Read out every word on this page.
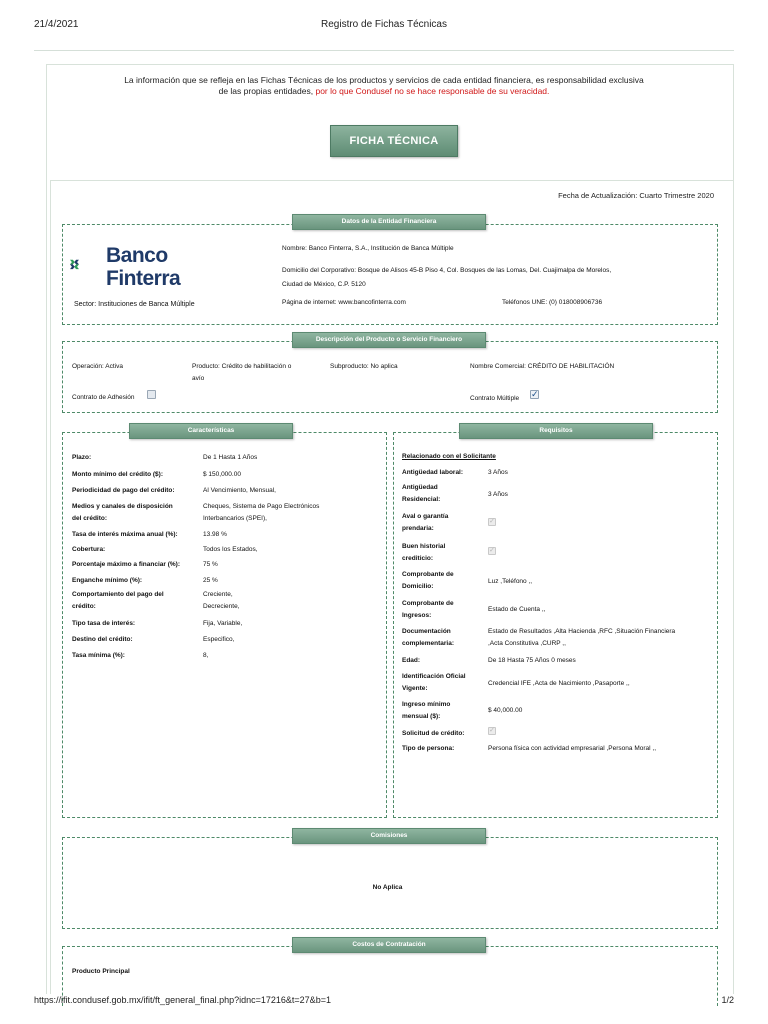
21/4/2021	Registro de Fichas Técnicas
La información que se refleja en las Fichas Técnicas de los productos y servicios de cada entidad financiera, es responsabilidad exclusiva de las propias entidades, por lo que Condusef no se hace responsable de su veracidad.
FICHA TÉCNICA
Fecha de Actualización: Cuarto Trimestre 2020
Datos de la Entidad Financiera
Banco
Finterra
Sector: Instituciones de Banca Múltiple
Nombre: Banco Finterra, S.A., Institución de Banca Múltiple
Domicilio del Corporativo: Bosque de Alisos 45-B Piso 4, Col. Bosques de las Lomas, Del. Cuajimalpa de Morelos,
Ciudad de México, C.P. 5120
Página de internet: www.bancofinterra.com	Teléfonos UNE: (0) 018008906736
Descripción del Producto o Servicio Financiero
Operación: Activa	Producto: Crédito de habilitación o
avío
Subproducto: No aplica	Nombre Comercial: CRÉDITO DE HABILITACIÓN
Contrato de Adhesión	Contrato Múltiple ✓
Características
Plazo:	De 1 Hasta 1 Años
Monto mínimo del crédito ($):	$ 150,000.00
Periodicidad de pago del crédito:	Al Vencimiento, Mensual,
Medios y canales de disposición
del crédito:
Cheques, Sistema de Pago Electrónicos
Interbancarios (SPEI),
Tasa de interés máxima anual (%):	13.98 %
Cobertura:	Todos los Estados,
Porcentaje máximo a financiar (%):	75 %
Enganche mínimo (%):	25 %
Comportamiento del pago del
crédito:
Creciente,
Decreciente,
Tipo tasa de interés:	Fija, Variable,
Destino del crédito:	Especifico,
Tasa mínima (%):	8,
Requisitos
Relacionado con el Solicitante
Antigüedad laboral:	3 Años
Antigüedad
Residencial:
3 Años
Aval o garantía
prendaria:
✓
Buen historial
crediticio:
✓
Comprobante de
Domicilio:
Luz ,Teléfono ,,
Comprobante de
Ingresos:
Estado de Cuenta ,,
Documentación
complementaria:
Estado de Resultados ,Alta Hacienda ,RFC ,Situación Financiera
,Acta Constitutiva ,CURP ,,
Edad:	De 18 Hasta 75 Años 0 meses
Identificación Oficial
Vigente:
Credencial IFE ,Acta de Nacimiento ,Pasaporte ,,
Ingreso mínimo
mensual ($):
$ 40,000.00
Solicitud de crédito:	✓
Tipo de persona:	Persona física con actividad empresarial ,Persona Moral ,,
Comisiones
No Aplica
Costos de Contratación
Producto Principal
https://ifit.condusef.gob.mx/ifit/ft_general_final.php?idnc=17216&t=27&b=1	1/2
